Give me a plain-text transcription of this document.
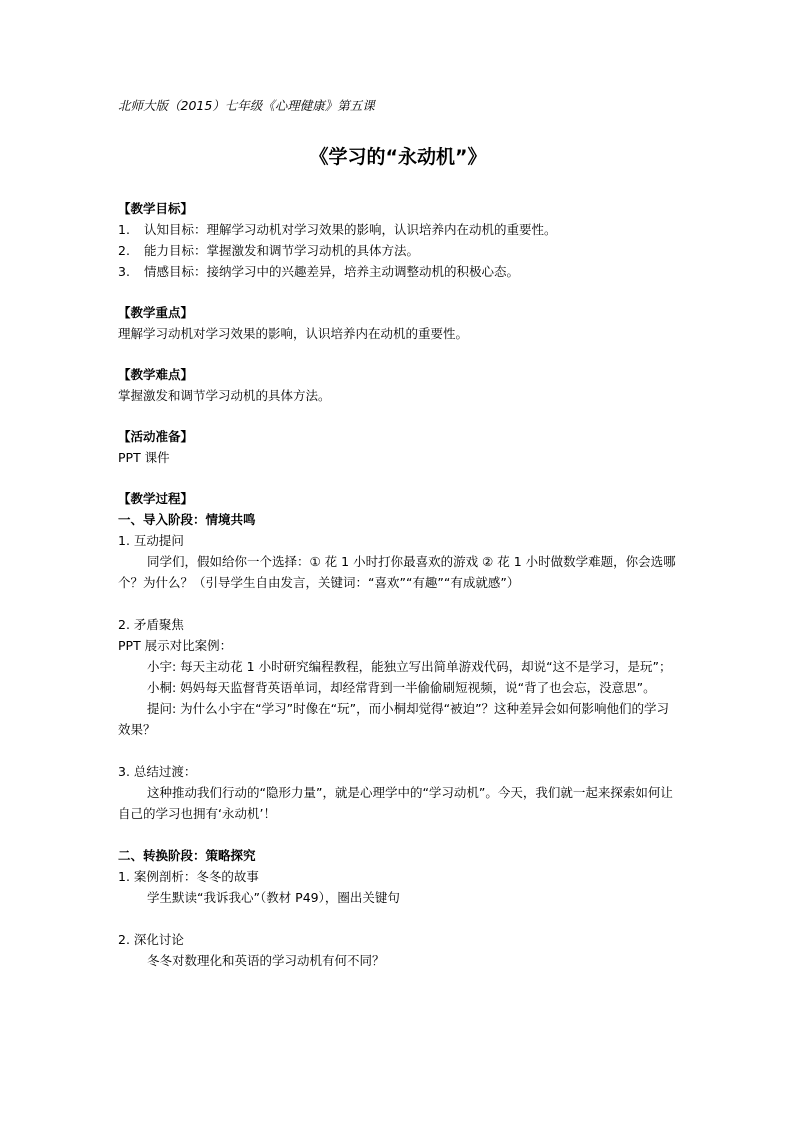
北师大版（2015）七年级《心理健康》第五课

《学习的“永动机”》

【教学目标】

1. 认知目标：理解学习动机对学习效果的影响，认识培养内在动机的重要性。

2. 能力目标：掌握激发和调节学习动机的具体方法。

3. 情感目标：接纳学习中的兴趣差异，培养主动调整动机的积极心态。

【教学重点】

理解学习动机对学习效果的影响，认识培养内在动机的重要性。

【教学难点】

掌握激发和调节学习动机的具体方法。

【活动准备】

PPT 课件

【教学过程】

一、导入阶段：情境共鸣

1. 互动提问

同学们，假如给你一个选择：① 花 1 小时打你最喜欢的游戏 ② 花 1 小时做数学难题，你会选哪个？为什么？（引导学生自由发言，关键词：“喜欢”“有趣”“有成就感”）

2. 矛盾聚焦

PPT 展示对比案例：

小宇: 每天主动花 1 小时研究编程教程，能独立写出简单游戏代码，却说“这不是学习，是玩”；

小桐: 妈妈每天监督背英语单词，却经常背到一半偷偷刷短视频，说“背了也会忘，没意思”。

提问: 为什么小宇在“学习”时像在“玩”，而小桐却觉得“被迫”？这种差异会如何影响他们的学习效果？

3. 总结过渡：

这种推动我们行动的“隐形力量”，就是心理学中的“学习动机”。今天，我们就一起来探索如何让自己的学习也拥有‘永动机’！

二、转换阶段：策略探究

1. 案例剖析：冬冬的故事

学生默读“我诉我心”（教材 P49），圈出关键句

2. 深化讨论

冬冬对数理化和英语的学习动机有何不同？
